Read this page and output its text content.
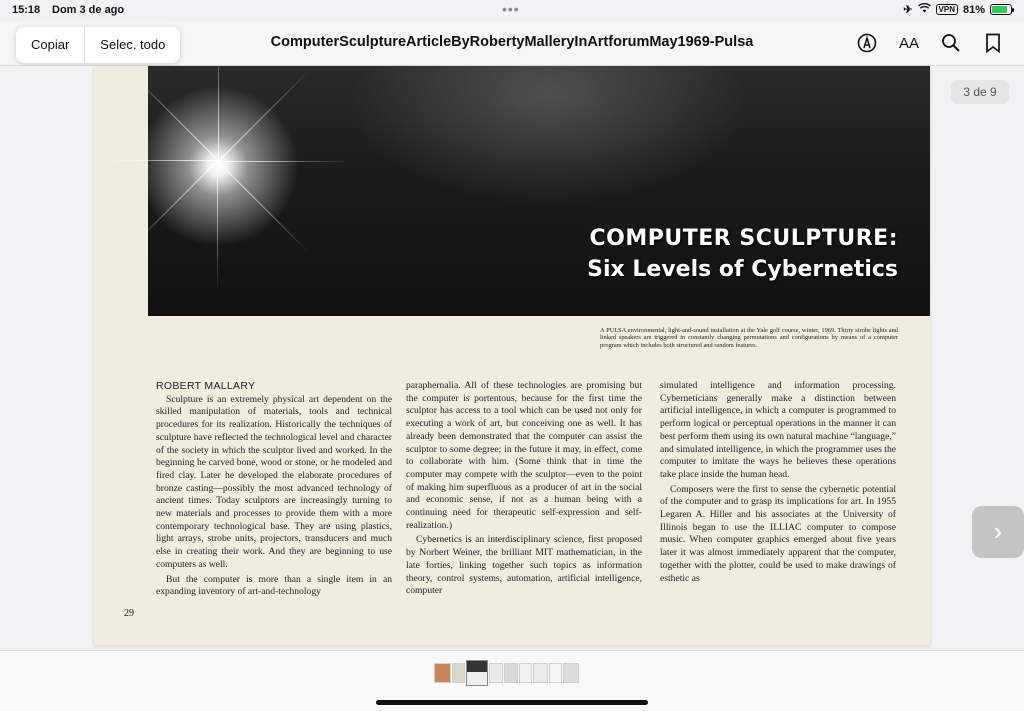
15:18 Dom 3 de ago	•••	✈	VPN 81%
Copiar	Selec. todo	ComputerSculptureArticleByRobertyMalleryInArtforumMay1969-Pulsa	AA
COMPUTER SCULPTURE:
Six Levels of Cybernetics
A PULSA environmental, light-and-sound installation at the Yale golf course, winter, 1969. Thirty strobe lights and linked speakers are triggered in constantly changing permutations and configurations by means of a computer program which includes both structured and random features.
ROBERT MALLARY

Sculpture is an extremely physical art dependent on the skilled manipulation of materials, tools and technical procedures for its realization. Historically the techniques of sculpture have reflected the technological level and character of the society in which the sculptor lived and worked. In the beginning he carved bone, wood or stone, or he modeled and fired clay. Later he developed the elaborate procedures of bronze casting—possibly the most advanced technology of ancient times. Today sculptors are increasingly turning to new materials and processes to provide them with a more contemporary technological base. They are using plastics, light arrays, strobe units, projectors, transducers and much else in creating their work. And they are beginning to use computers as well.

But the computer is more than a single item in an expanding inventory of art-and-technology

paraphernalia. All of these technologies are promising but the computer is portentous, because for the first time the sculptor has access to a tool which can be used not only for executing a work of art, but conceiving one as well. It has already been demonstrated that the computer can assist the sculptor to some degree; in the future it may, in effect, come to collaborate with him. (Some think that in time the computer may compete with the sculptor—even to the point of making him superfluous as a producer of art in the social and economic sense, if not as a human being with a continuing need for therapeutic self-expression and self-realization.)

Cybernetics is an interdisciplinary science, first proposed by Norbert Weiner, the brilliant MIT mathematician, in the late forties, linking together such topics as information theory, control systems, automation, artificial intelligence, computer

simulated intelligence and information processing. Cyberneticians generally make a distinction between artificial intelligence, in which a computer is programmed to perform logical or perceptual operations in the manner it can best perform them using its own natural machine “language,” and simulated intelligence, in which the programmer uses the computer to imitate the ways he believes these operations take place inside the human head.

Composers were the first to sense the cybernetic potential of the computer and to grasp its implications for art. In 1955 Legaren A. Hiller and his associates at the University of Illinois began to use the ILLIAC computer to compose music. When computer graphics emerged about five years later it was almost immediately apparent that the computer, together with the plotter, could be used to make drawings of esthetic as

29
3 de 9
›
